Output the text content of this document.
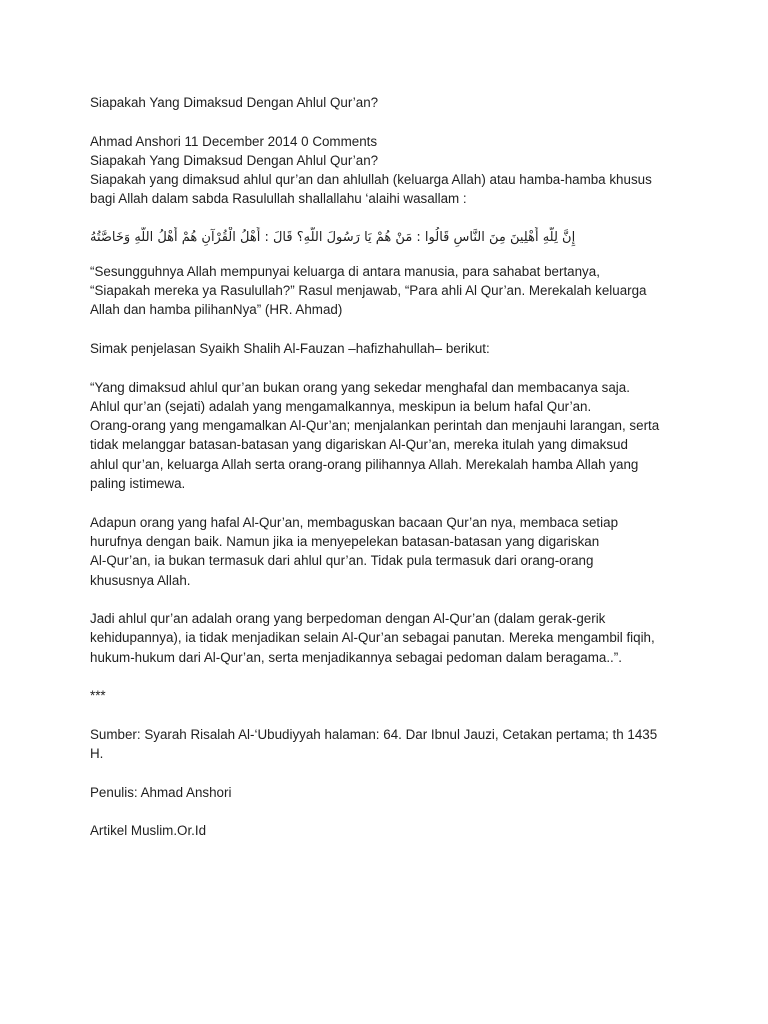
Siapakah Yang Dimaksud Dengan Ahlul Qur’an?

Ahmad Anshori 11 December 2014 0 Comments

Siapakah Yang Dimaksud Dengan Ahlul Qur’an?

Siapakah yang dimaksud ahlul qur’an dan ahlullah (keluarga Allah) atau hamba-hamba khusus
bagi Allah dalam sabda Rasulullah shallallahu ‘alaihi wasallam :

إِنَّ لِلَّهِ أَهْلِينَ مِنَ النَّاسِ قَالُوا : مَنْ هُمْ يَا رَسُولَ اللَّهِ؟ قَالَ : أَهْلُ الْقُرْآنِ هُمْ أَهْلُ اللَّهِ وَخَاصَّتُهُ

“Sesungguhnya Allah mempunyai keluarga di antara manusia, para sahabat bertanya,
“Siapakah mereka ya Rasulullah?” Rasul menjawab, “Para ahli Al Qur’an. Merekalah keluarga
Allah dan hamba pilihanNya” (HR. Ahmad)

Simak penjelasan Syaikh Shalih Al-Fauzan –hafizhahullah– berikut:

“Yang dimaksud ahlul qur’an bukan orang yang sekedar menghafal dan membacanya saja.
Ahlul qur’an (sejati) adalah yang mengamalkannya, meskipun ia belum hafal Qur’an.
Orang-orang yang mengamalkan Al-Qur’an; menjalankan perintah dan menjauhi larangan, serta
tidak melanggar batasan-batasan yang digariskan Al-Qur’an, mereka itulah yang dimaksud
ahlul qur’an, keluarga Allah serta orang-orang pilihannya Allah. Merekalah hamba Allah yang
paling istimewa.

Adapun orang yang hafal Al-Qur’an, membaguskan bacaan Qur’an nya, membaca setiap
hurufnya dengan baik. Namun jika ia menyepelekan batasan-batasan yang digariskan
Al-Qur’an, ia bukan termasuk dari ahlul qur’an. Tidak pula termasuk dari orang-orang
khususnya Allah.

Jadi ahlul qur’an adalah orang yang berpedoman dengan Al-Qur’an (dalam gerak-gerik
kehidupannya), ia tidak menjadikan selain Al-Qur’an sebagai panutan. Mereka mengambil fiqih,
hukum-hukum dari Al-Qur’an, serta menjadikannya sebagai pedoman dalam beragama..”.

***

Sumber: Syarah Risalah Al-‘Ubudiyyah halaman: 64. Dar Ibnul Jauzi, Cetakan pertama; th 1435
H.

Penulis: Ahmad Anshori

Artikel Muslim.Or.Id
